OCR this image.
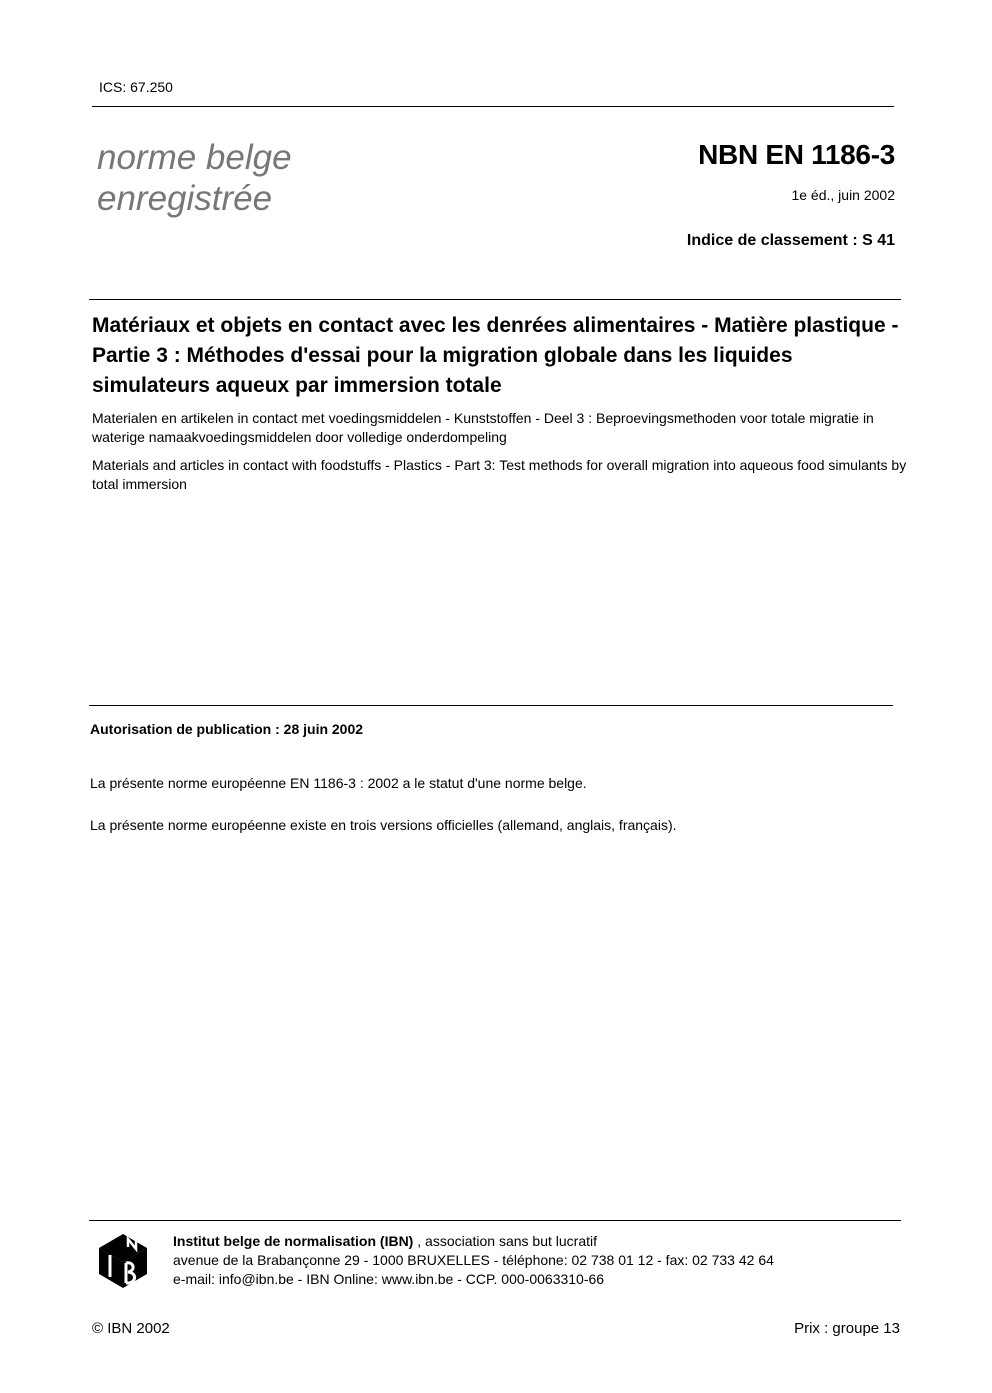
ICS: 67.250
norme belge
enregistrée
NBN EN 1186-3
1e éd., juin 2002
Indice de classement : S 41
Matériaux et objets en contact avec les denrées alimentaires - Matière plastique - Partie 3 : Méthodes d'essai pour la migration globale dans les liquides simulateurs aqueux par immersion totale
Materialen en artikelen in contact met voedingsmiddelen - Kunststoffen - Deel 3 : Beproevingsmethoden voor totale migratie in waterige namaakvoedingsmiddelen door volledige onderdompeling
Materials and articles in contact with foodstuffs - Plastics - Part 3: Test methods for overall migration into aqueous food simulants by total immersion
Autorisation de publication : 28 juin 2002
La présente norme européenne EN 1186-3 : 2002 a le statut d'une norme belge.
La présente norme européenne existe en trois versions officielles (allemand, anglais, français).
Institut belge de normalisation (IBN) , association sans but lucratif
avenue de la Brabançonne 29 - 1000 BRUXELLES - téléphone: 02 738 01 12 - fax: 02 733 42 64
e-mail: info@ibn.be - IBN Online: www.ibn.be - CCP. 000-0063310-66
© IBN 2002	Prix : groupe 13
